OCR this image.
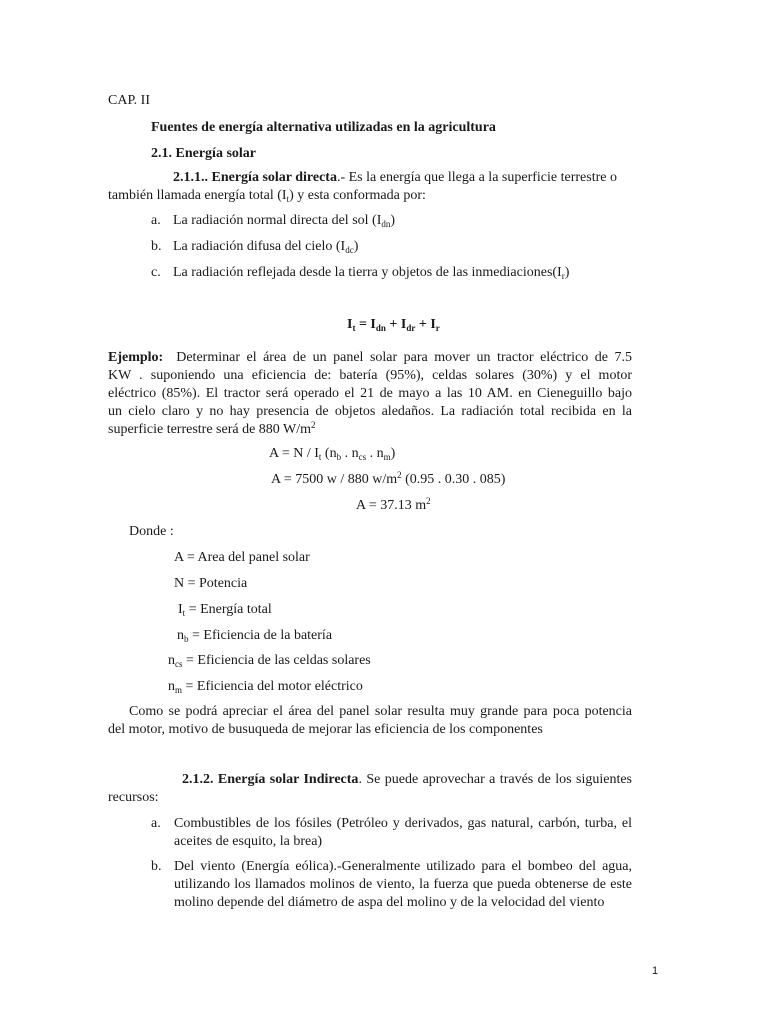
CAP. II
Fuentes de energía alternativa utilizadas en la agricultura
2.1. Energía solar
2.1.1.. Energía solar directa.- Es la energía que llega a la superficie terrestre o
también llamada energía total $(I_t)$ y esta conformada por:
a. La radiación normal directa del sol $(I_{dn})$
b. La radiación difusa del cielo $(I_{dc})$
c. La radiación reflejada desde la tierra y objetos de las $inmediaciones(I_r)$
$I_t = I_{dn} + I_{dr} + I_r$
Ejemplo: Determinar el área de un panel solar para mover un tractor eléctrico de 7.5
KW . suponiendo una eficiencia de: batería (95%), celdas solares (30%) y el motor
eléctrico (85%). El tractor será operado el 21 de mayo a las 10 AM. en Cieneguillo bajo
un cielo claro y no hay presencia de objetos aledaños. La radiación total recibida en la
superficie terrestre será de 880 $W/m^2$
$A = N / I_t$ ($n_b$ . $n_{cs}$ . $n_m$)
A = 7500 w / 880 $w/m^2$ (0.95 . 0.30 . 085)
A = 37.13 $m^2$
Donde :
A = Area del panel solar
N = Potencia
$I_t$ = Energía total
$n_b$ = Eficiencia de la batería
$n_{cs}$ = Eficiencia de las celdas solares
$n_m$ = Eficiencia del motor eléctrico
Como se podrá apreciar el área del panel solar resulta muy grande para poca potencia
del motor, motivo de busuqueda de mejorar las eficiencia de los componentes
2.1.2. Energía solar Indirecta. Se puede aprovechar a través de los siguientes
recursos:
a. Combustibles de los fósiles (Petróleo y derivados, gas natural, carbón, turba, el
aceites de esquito, la brea)
b. Del viento (Energía eólica).-Generalmente utilizado para el bombeo del agua,
utilizando los llamados molinos de viento, la fuerza que pueda obtenerse de este
molino depende del diámetro de aspa del molino y de la velocidad del viento
1
